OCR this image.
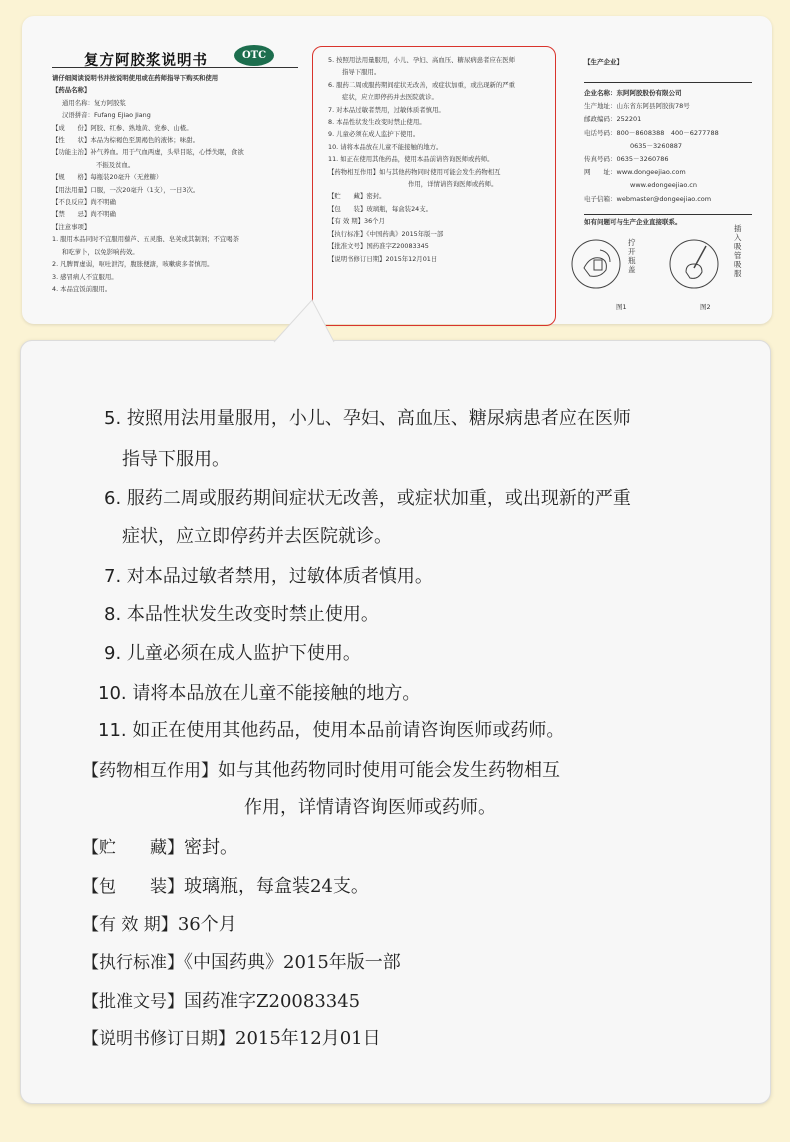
复方阿胶浆说明书	OTC
请仔细阅读说明书并按说明使用或在药师指导下购买和使用
【药品名称】
通用名称：复方阿胶浆
汉语拼音：Fufang Ejiao Jiang
【成　　份】阿胶、红参、熟地黄、党参、山楂。
【性　　状】本品为棕褐色至黑褐色的液体；味甜。
【功能主治】补气养血。用于气血两虚，头晕目眩，心悸失眠，食欲
不振及贫血。
【规　　格】每瓶装20毫升（无蔗糖）
【用法用量】口服，一次20毫升（1支），一日3次。
【不良反应】尚不明确
【禁　　忌】尚不明确
【注意事项】
1. 服用本品同时不宜服用藜芦、五灵脂、皂荚或其制剂；不宜喝茶
和吃萝卜，以免影响药效。
2. 凡脾胃虚弱，呕吐泄泻，腹胀便溏，咳嗽痰多者慎用。
3. 感冒病人不宜服用。
4. 本品宜饭前服用。
5. 按照用法用量服用，小儿、孕妇、高血压、糖尿病患者应在医师
指导下服用。
6. 服药二周或服药期间症状无改善，或症状加重，或出现新的严重
症状，应立即停药并去医院就诊。
7. 对本品过敏者禁用，过敏体质者慎用。
8. 本品性状发生改变时禁止使用。
9. 儿童必须在成人监护下使用。
10. 请将本品放在儿童不能接触的地方。
11. 如正在使用其他药品，使用本品前请咨询医师或药师。
【药物相互作用】如与其他药物同时使用可能会发生药物相互
作用，详情请咨询医师或药师。
【贮　　藏】密封。
【包　　装】玻璃瓶，每盒装24支。
【有 效 期】36个月
【执行标准】《中国药典》2015年版一部
【批准文号】国药准字Z20083345
【说明书修订日期】2015年12月01日
【生产企业】
企业名称：东阿阿胶股份有限公司
生产地址：山东省东阿县阿胶街78号
邮政编码：252201
电话号码：800－8608388　400－6277788
0635－3260887
传真号码：0635－3260786
网　　址：www.dongeejiao.com
www.edongeejiao.cn
电子信箱：webmaster@dongeejiao.com
如有问题可与生产企业直接联系。
拧开瓶盖
图1
插入吸管吸服
图2
5. 按照用法用量服用，小儿、孕妇、高血压、糖尿病患者应在医师
指导下服用。
6. 服药二周或服药期间症状无改善，或症状加重，或出现新的严重
症状，应立即停药并去医院就诊。
7. 对本品过敏者禁用，过敏体质者慎用。
8. 本品性状发生改变时禁止使用。
9. 儿童必须在成人监护下使用。
10. 请将本品放在儿童不能接触的地方。
11. 如正在使用其他药品，使用本品前请咨询医师或药师。
【药物相互作用】如与其他药物同时使用可能会发生药物相互
作用，详情请咨询医师或药师。
【贮　　藏】密封。
【包　　装】玻璃瓶，每盒装24支。
【有 效 期】36个月
【执行标准】《中国药典》2015年版一部
【批准文号】国药准字Z20083345
【说明书修订日期】2015年12月01日
